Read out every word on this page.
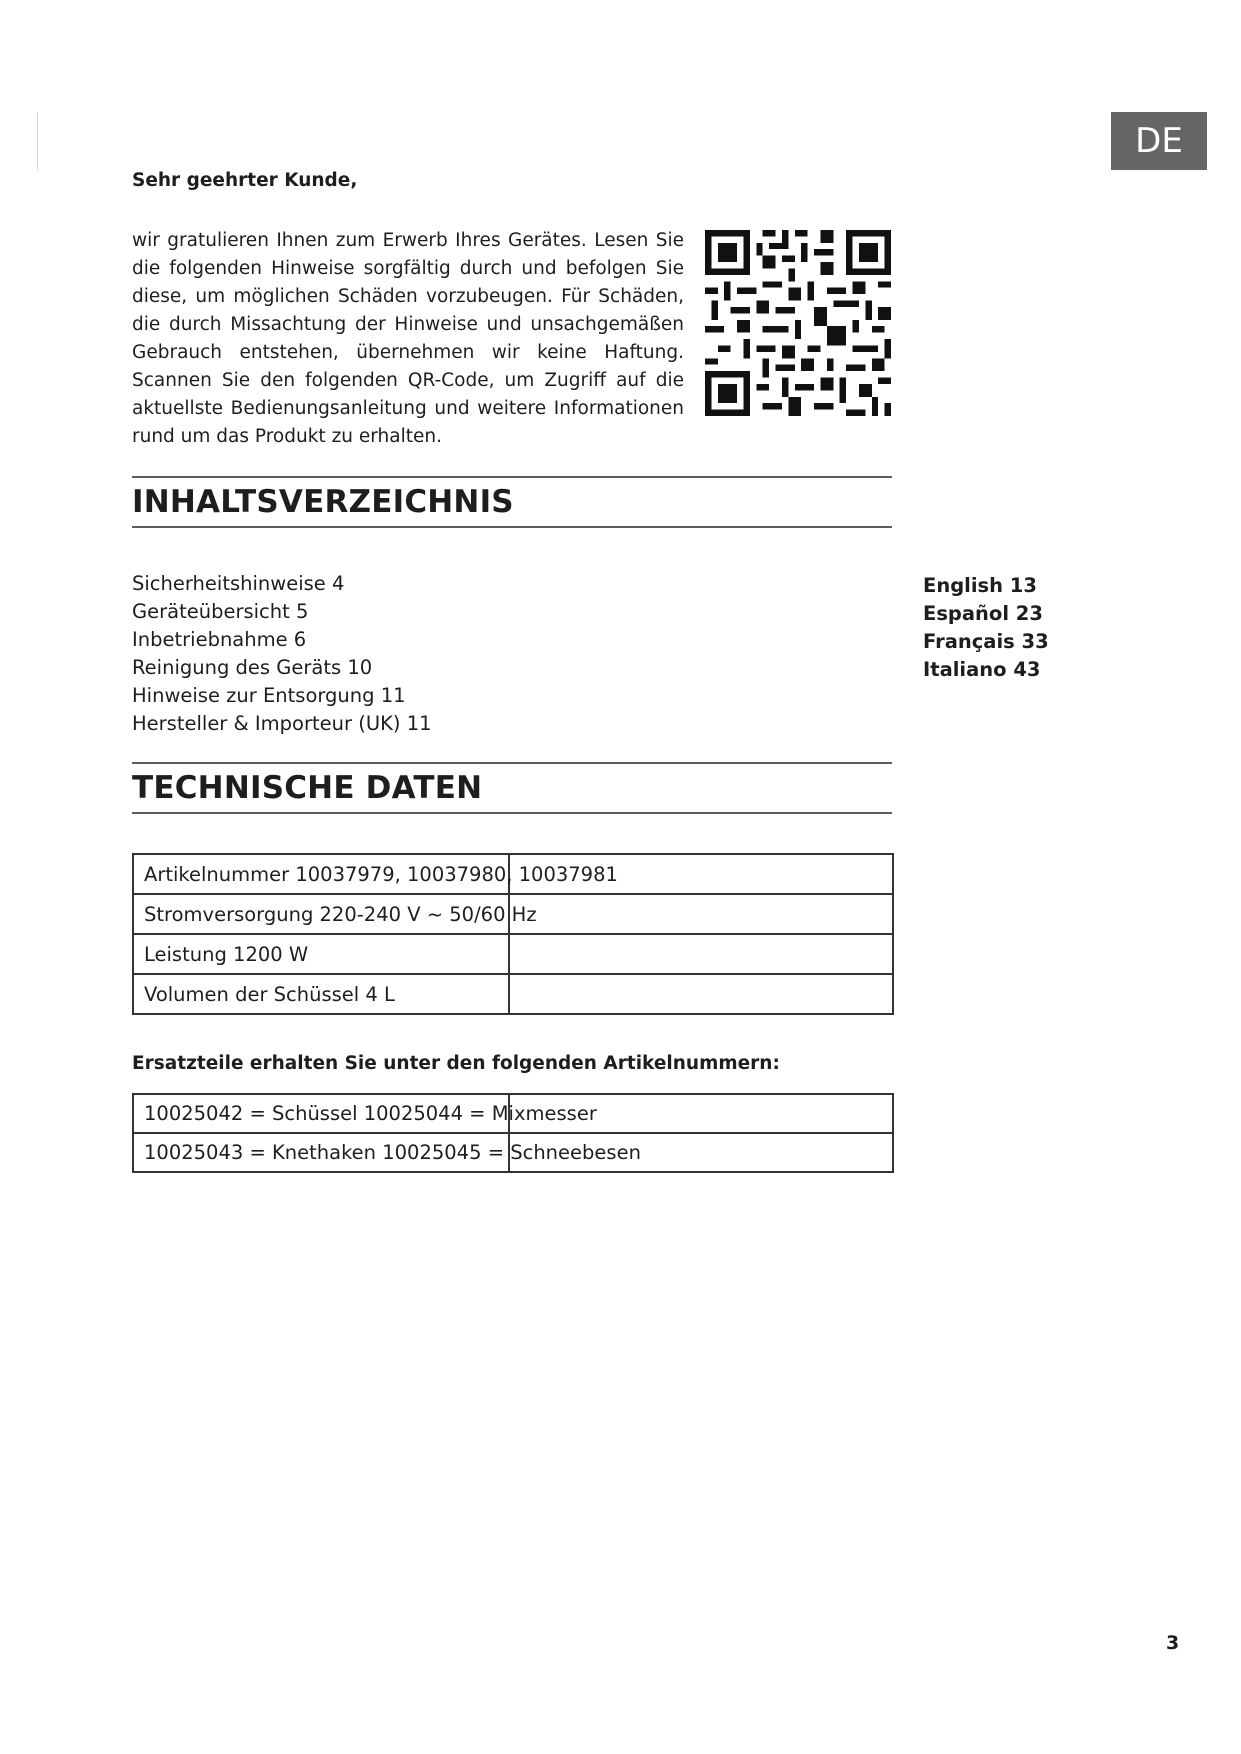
DE
Sehr geehrter Kunde,

wir gratulieren Ihnen zum Erwerb Ihres Gerätes. Lesen Sie die folgenden Hinweise sorgfältig durch und befolgen Sie diese, um möglichen Schäden vorzubeugen. Für Schäden, die durch Missachtung der Hinweise und unsachgemäßen Gebrauch entstehen, übernehmen wir keine Haftung. Scannen Sie den folgenden QR-Code, um Zugriff auf die aktuellste Bedienungsanleitung und weitere Informationen rund um das Produkt zu erhalten.

INHALTSVERZEICHNIS
Sicherheitshinweise 4
Geräteübersicht 5
Inbetriebnahme 6
Reinigung des Geräts 10
Hinweise zur Entsorgung 11
Hersteller & Importeur (UK) 11
English 13
Español 23
Français 33
Italiano 43
TECHNISCHE DATEN
Artikelnummer 10037979, 10037980, 10037981	
Stromversorgung 220-240 V ~ 50/60 Hz	
Leistung 1200 W	
Volumen der Schüssel 4 L	
Ersatzteile erhalten Sie unter den folgenden Artikelnummern:
10025042 = Schüssel 10025044 = Mixmesser	
10025043 = Knethaken 10025045 = Schneebesen	
3
